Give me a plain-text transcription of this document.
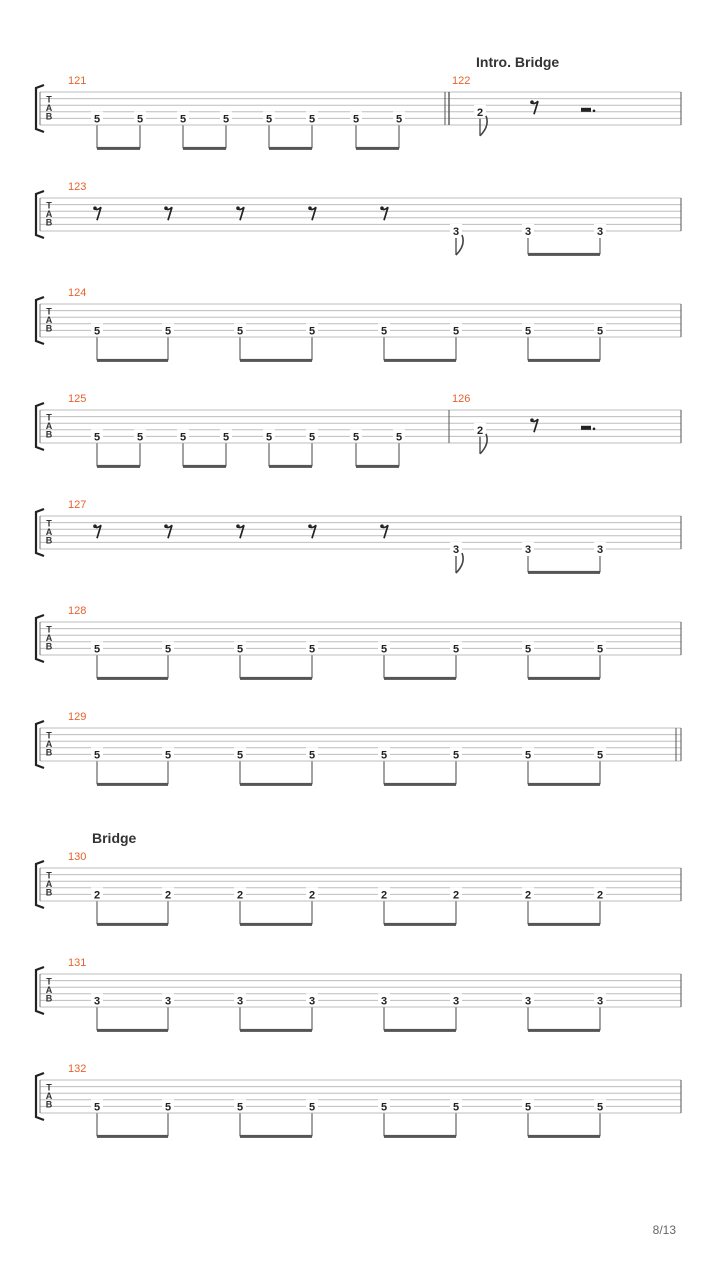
Intro. Bridge
Bridge
T
A
B
121
5	5	5	5	5	5	5	5
122
2
T
A
B
123
3	3	3
T
A
B
124
5	5	5	5	5	5	5	5
T
A
B
125
5	5	5	5	5	5	5	5
126
2
T
A
B
127
3	3	3
T
A
B
128
5	5	5	5	5	5	5	5
T
A
B
129
5	5	5	5	5	5	5	5
T
A
B
130
2	2	2	2	2	2	2	2
T
A
B
131
3	3	3	3	3	3	3	3
T
A
B
132
5	5	5	5	5	5	5	5
8/13
